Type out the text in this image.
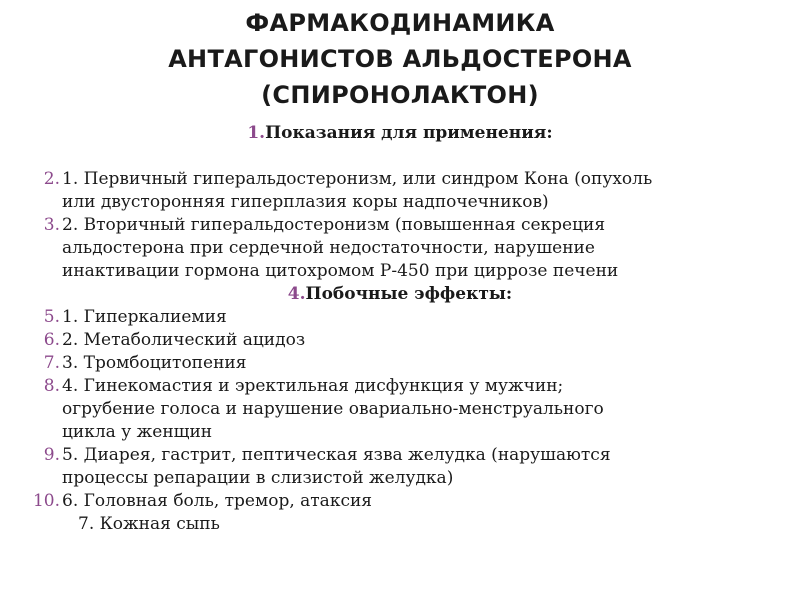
ФАРМАКОДИНАМИКА
АНТАГОНИСТОВ АЛЬДОСТЕРОНА
(СПИРОНОЛАКТОН)
1.Показания для применения:
2. 1. Первичный гиперальдостеронизм, или синдром Кона (опухоль
или двусторонняя гиперплазия коры надпочечников)
3. 2. Вторичный гиперальдостеронизм (повышенная секреция
альдостерона при сердечной недостаточности, нарушение
инактивации гормона цитохромом Р-450 при циррозе печени
4.Побочные эффекты:
5. 1. Гиперкалиемия
6. 2. Метаболический ацидоз
7. 3. Тромбоцитопения
8. 4. Гинекомастия и эректильная дисфункция у мужчин;
огрубение голоса и нарушение овариально-менструального
цикла у женщин
9. 5. Диарея, гастрит, пептическая язва желудка (нарушаются
процессы репарации в слизистой желудка)
10. 6. Головная боль, тремор, атаксия
7. Кожная сыпь
